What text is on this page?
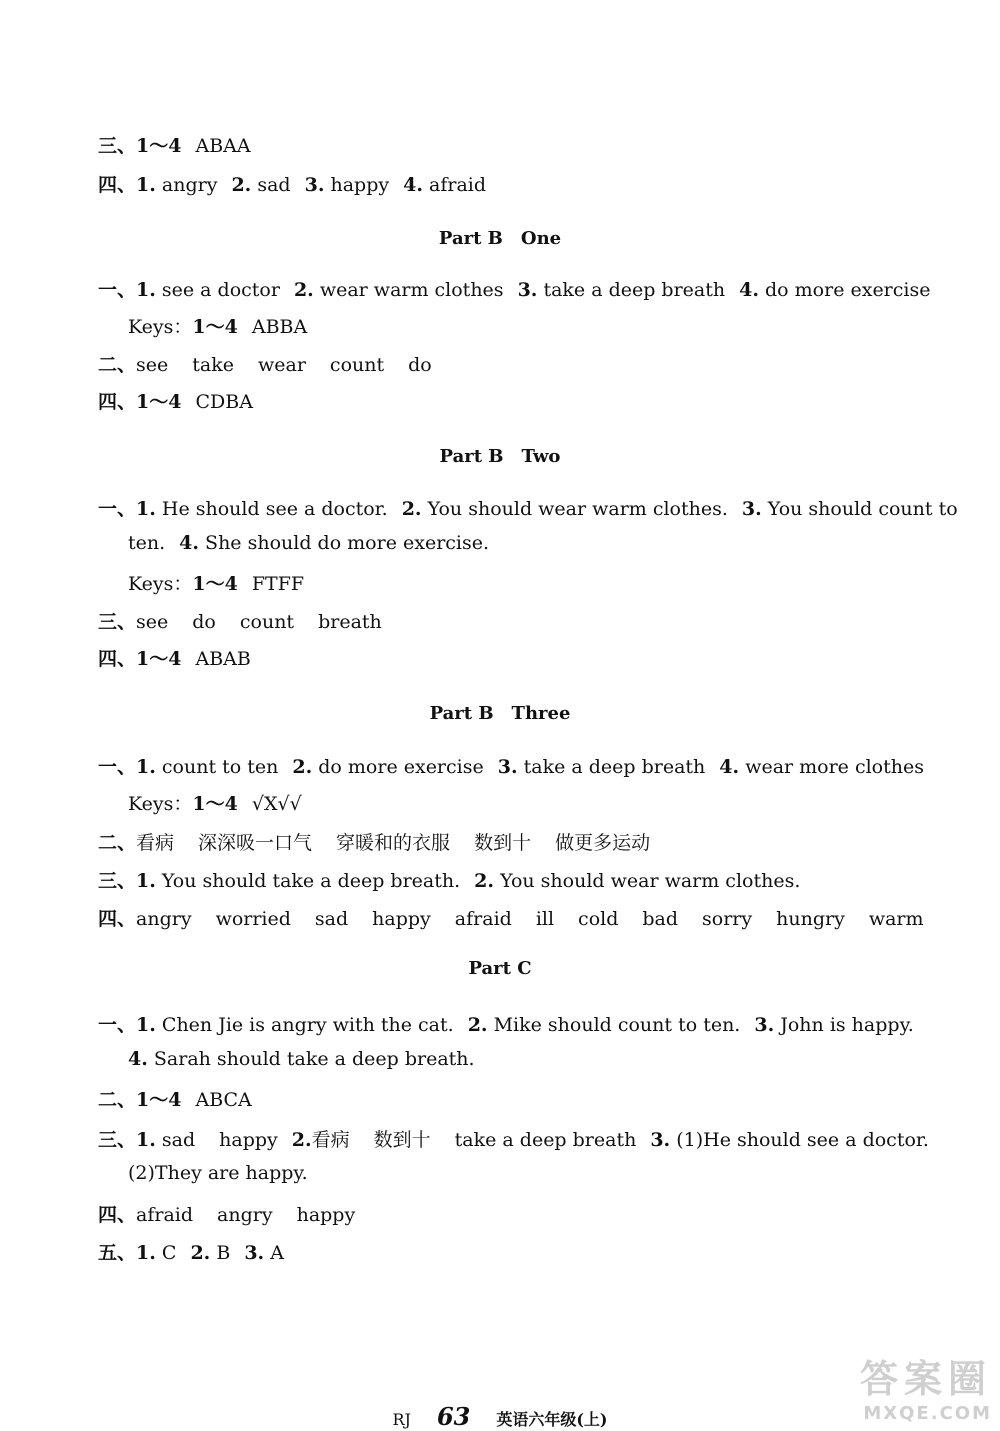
三、1～4 ABAA
四、1. angry 2. sad 3. happy 4. afraid
Part B　One
一、1. see a doctor 2. wear warm clothes 3. take a deep breath 4. do more exercise
Keys：1～4 ABBA
二、see take wear count do
四、1～4 CDBA
Part B　Two
一、1. He should see a doctor. 2. You should wear warm clothes. 3. You should count to
ten. 4. She should do more exercise.
Keys：1～4 FTFF
三、see do count breath
四、1～4 ABAB
Part B　Three
一、1. count to ten 2. do more exercise 3. take a deep breath 4. wear more clothes
Keys：1～4 √X√√
二、看病 深深吸一口气 穿暖和的衣服 数到十 做更多运动
三、1. You should take a deep breath. 2. You should wear warm clothes.
四、angry worried sad happy afraid ill cold bad sorry hungry warm
Part C
一、1. Chen Jie is angry with the cat. 2. Mike should count to ten. 3. John is happy.
4. Sarah should take a deep breath.
二、1～4 ABCA
三、1. sad happy 2.看病 数到十 take a deep breath 3. (1)He should see a doctor.
(2)They are happy.
四、afraid angry happy
五、1. C 2. B 3. A
RJ 63 英语六年级(上)
答案圈
MXQE.COM
